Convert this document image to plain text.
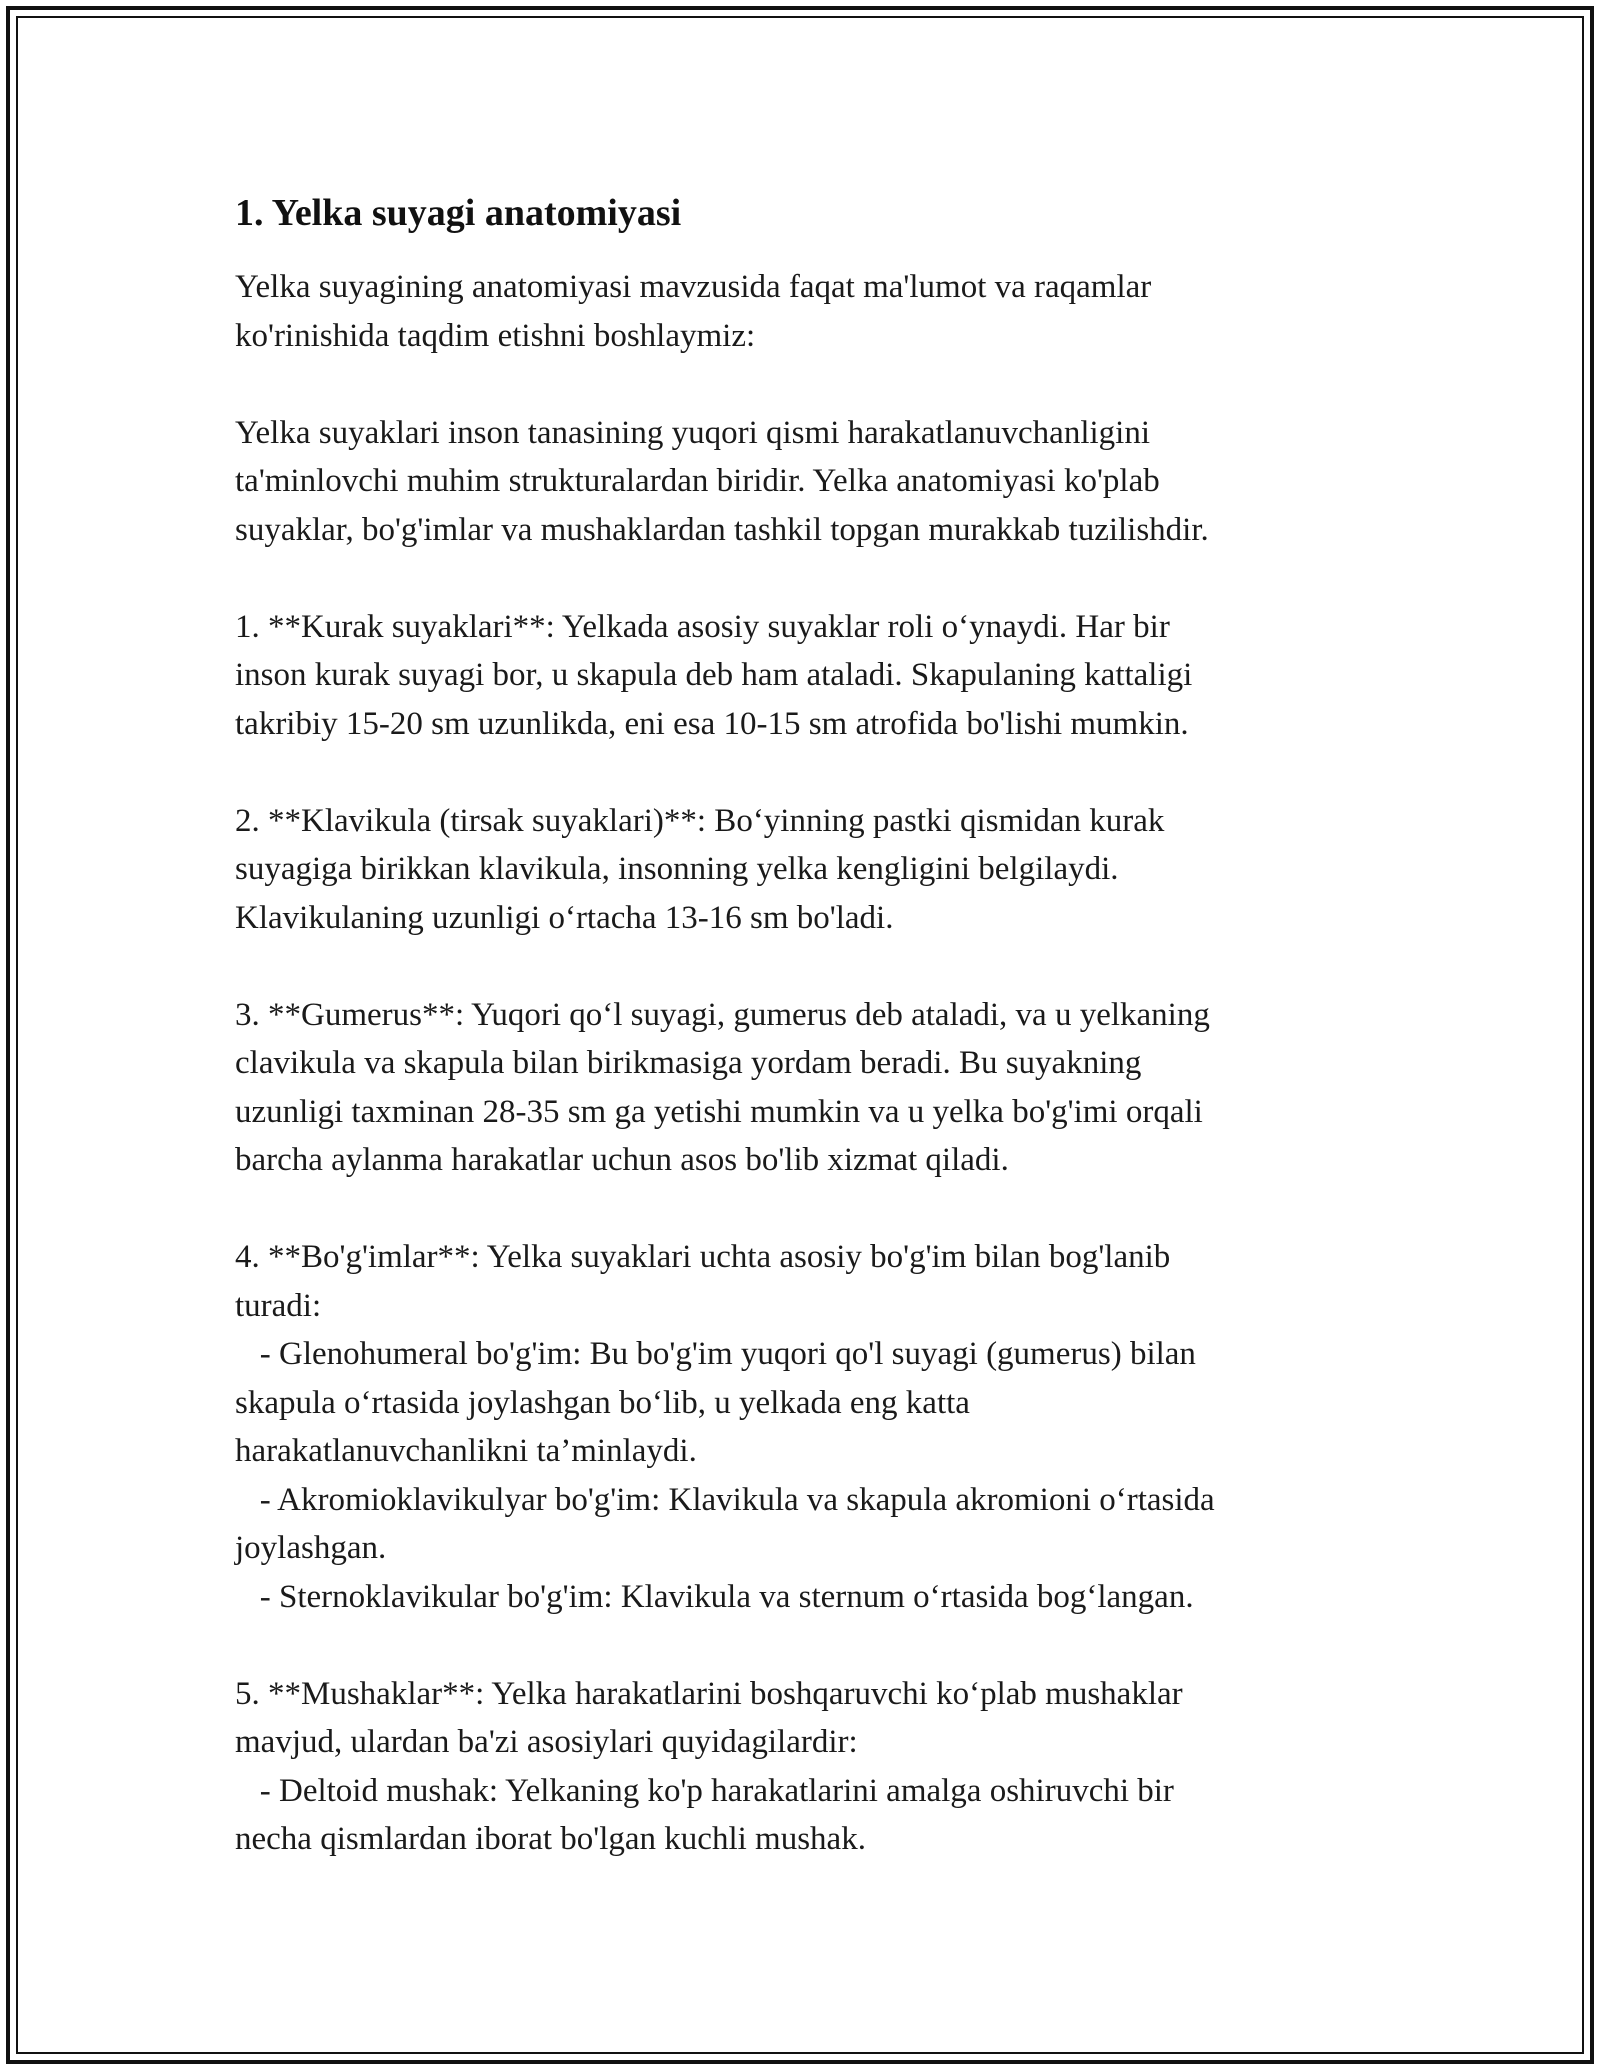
1. Yelka suyagi anatomiyasi
Yelka suyagining anatomiyasi mavzusida faqat ma'lumot va raqamlar
ko'rinishida taqdim etishni boshlaymiz:
Yelka suyaklari inson tanasining yuqori qismi harakatlanuvchanligini
ta'minlovchi muhim strukturalardan biridir. Yelka anatomiyasi ko'plab
suyaklar, bo'g'imlar va mushaklardan tashkil topgan murakkab tuzilishdir.
1. **Kurak suyaklari**: Yelkada asosiy suyaklar roli o‘ynaydi. Har bir
inson kurak suyagi bor, u skapula deb ham ataladi. Skapulaning kattaligi
takribiy 15-20 sm uzunlikda, eni esa 10-15 sm atrofida bo'lishi mumkin.
2. **Klavikula (tirsak suyaklari)**: Bo‘yinning pastki qismidan kurak
suyagiga birikkan klavikula, insonning yelka kengligini belgilaydi.
Klavikulaning uzunligi o‘rtacha 13-16 sm bo'ladi.
3. **Gumerus**: Yuqori qo‘l suyagi, gumerus deb ataladi, va u yelkaning
clavikula va skapula bilan birikmasiga yordam beradi. Bu suyakning
uzunligi taxminan 28-35 sm ga yetishi mumkin va u yelka bo'g'imi orqali
barcha aylanma harakatlar uchun asos bo'lib xizmat qiladi.
4. **Bo'g'imlar**: Yelka suyaklari uchta asosiy bo'g'im bilan bog'lanib
turadi:
- Glenohumeral bo'g'im: Bu bo'g'im yuqori qo'l suyagi (gumerus) bilan
skapula o‘rtasida joylashgan bo‘lib, u yelkada eng katta
harakatlanuvchanlikni ta’minlaydi.
- Akromioklavikulyar bo'g'im: Klavikula va skapula akromioni o‘rtasida
joylashgan.
- Sternoklavikular bo'g'im: Klavikula va sternum o‘rtasida bog‘langan.
5. **Mushaklar**: Yelka harakatlarini boshqaruvchi ko‘plab mushaklar
mavjud, ulardan ba'zi asosiylari quyidagilardir:
- Deltoid mushak: Yelkaning ko'p harakatlarini amalga oshiruvchi bir
necha qismlardan iborat bo'lgan kuchli mushak.
